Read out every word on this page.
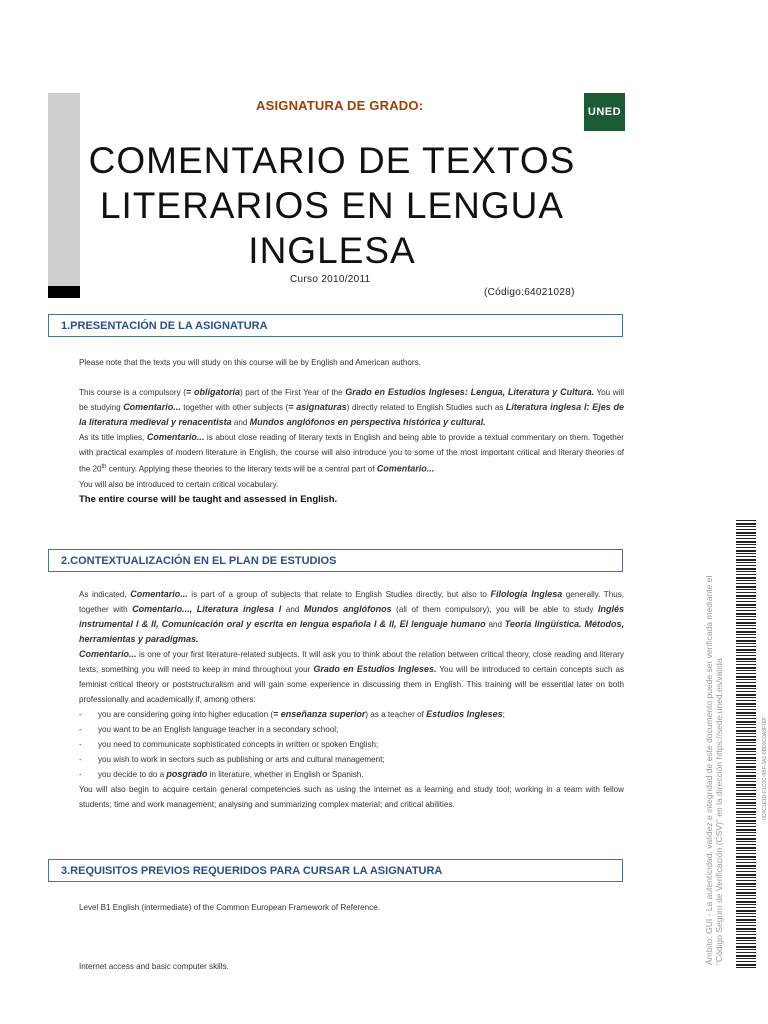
ASIGNATURA DE GRADO:	UNED
COMENTARIO DE TEXTOS
LITERARIOS EN LENGUA
INGLESA
Curso 2010/2011
(Código:64021028)
1.PRESENTACIÓN DE LA ASIGNATURA

Please note that the texts you will study on this course will be by English and American authors.

This course is a compulsory (= obligatoria) part of the First Year of the Grado en Estudios Ingleses: Lengua, Literatura y Cultura. You will be studying Comentario... together with other subjects (= asignaturas) directly related to English Studies such as Literatura inglesa I: Ejes de la literatura medieval y renacentista and Mundos anglófonos en perspectiva histórica y cultural.

As its title implies, Comentario... is about close reading of literary texts in English and being able to provide a textual commentary on them. Together with practical examples of modern literature in English, the course will also introduce you to some of the most important critical and literary theories of the 20th century. Applying these theories to the literary texts will be a central part of Comentario...

You will also be introduced to certain critical vocabulary.

The entire course will be taught and assessed in English.

2.CONTEXTUALIZACIÓN EN EL PLAN DE ESTUDIOS

As indicated, Comentario... is part of a group of subjects that relate to English Studies directly, but also to Filología Inglesa generally. Thus, together with Comentario..., Literatura inglesa I and Mundos anglófonos (all of them compulsory), you will be able to study Inglés instrumental I & II, Comunicación oral y escrita en lengua española I & II, El lenguaje humano and Teoría lingüística. Métodos, herramientas y paradigmas.

Comentario... is one of your first literature-related subjects. It will ask you to think about the relation between critical theory, close reading and literary texts, something you will need to keep in mind throughout your Grado en Estudios Ingleses. You will be introduced to certain concepts such as feminist critical theory or poststructuralism and will gain some experience in discussing them in English. This training will be essential later on both professionally and academically if, among others:

-	you are considering going into higher education (= enseñanza superior) as a teacher of Estudios Ingleses;
-	you want to be an English language teacher in a secondary school;
-	you need to communicate sophisticated concepts in written or spoken English;
-	you wish to work in sectors such as publishing or arts and cultural management;
-	you decide to do a posgrado in literature, whether in English or Spanish.

You will also begin to acquire certain general competencies such as using the internet as a learning and study tool; working in a team with fellow students; time and work management; analysing and summarizing complex material; and critical abilities.

3.REQUISITOS PREVIOS REQUERIDOS PARA CURSAR LA ASIGNATURA
Level B1 English (intermediate) of the Common European Framework of Reference.
Internet access and basic computer skills.
Ámbito: GUI - La autenticidad, validez e integridad de este documento puede ser verificada mediante el "Código Seguro de Verificación (CSV)" en la dirección https://sede.uned.es/valida	0C4C1E1D-F1C0C-5BF-3A1-5BD0C0A8F7EF
